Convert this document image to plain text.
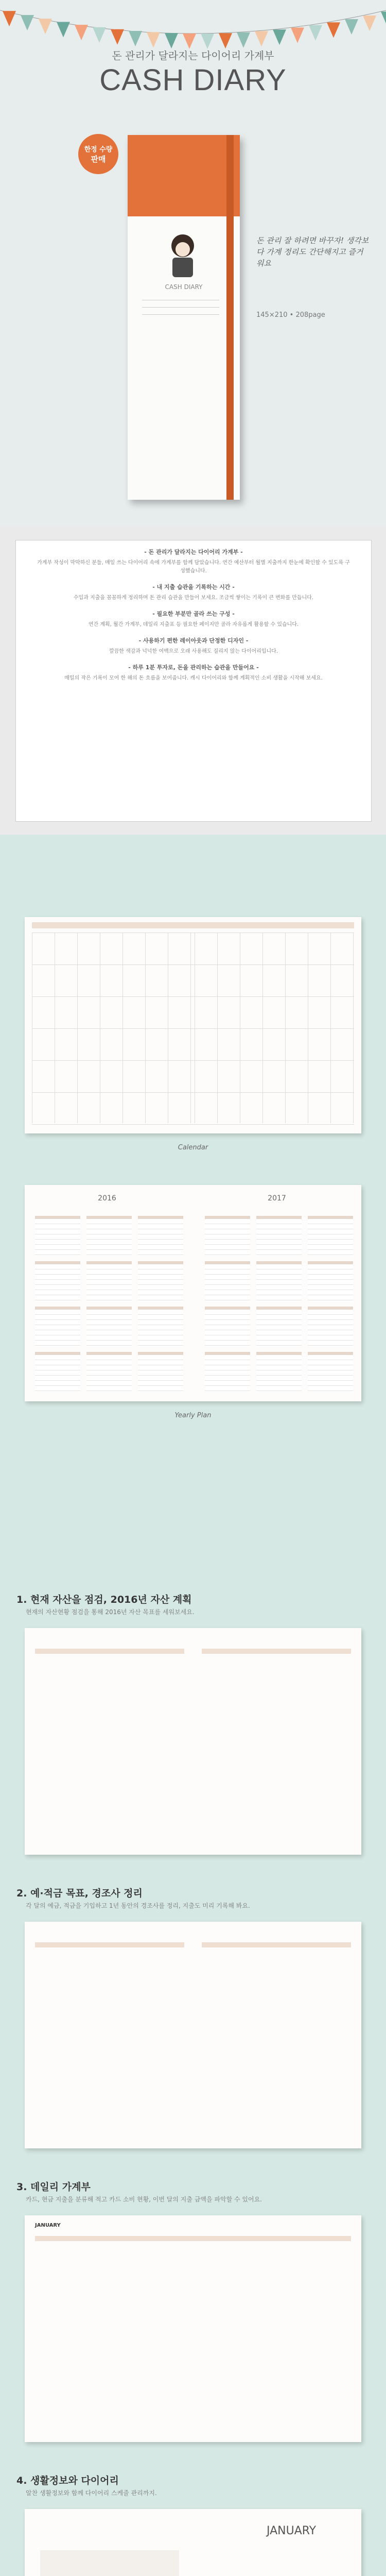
돈 관리가 달라지는 다이어리 가계부
CASH DIARY
CASH DIARY
한정 수량
판매
돈 관리 잘 하려면 바꾸자! 생각보다 가계 정리도 간단해지고 즐거워요
145×210 • 208page
- 돈 관리가 달라지는 다이어리 가계부 -
가계부 작성이 막막하신 분들, 매일 쓰는 다이어리 속에 가계부를 함께 담았습니다. 연간 예산부터 월별 지출까지 한눈에 확인할 수 있도록 구성했습니다.
- 내 지출 습관을 기록하는 시간 -
수입과 지출을 꼼꼼하게 정리하며 돈 관리 습관을 만들어 보세요. 조금씩 쌓이는 기록이 큰 변화를 만듭니다.
- 필요한 부분만 골라 쓰는 구성 -
연간 계획, 월간 가계부, 데일리 지출표 등 필요한 페이지만 골라 자유롭게 활용할 수 있습니다.
- 사용하기 편한 레이아웃과 단정한 디자인 -
깔끔한 색감과 넉넉한 여백으로 오래 사용해도 질리지 않는 다이어리입니다.
- 하루 1분 투자로, 돈을 관리하는 습관을 만들어요 -
매일의 작은 기록이 모여 한 해의 돈 흐름을 보여줍니다. 캐시 다이어리와 함께 계획적인 소비 생활을 시작해 보세요.
Calendar
2016	2017
Yearly Plan
1. 현재 자산을 점검, 2016년 자산 계획
현재의 자산현황 점검을 통해 2016년 자산 목표를 세워보세요.
2. 예·적금 목표, 경조사 정리
각 달의 예금, 적금을 기입하고 1년 동안의 경조사를 정리, 지출도 미리 기록해 봐요.
3. 데일리 가계부
카드, 현금 지출을 분류해 적고 카드 소비 현황, 이번 달의 지출 금액을 파악할 수 있어요.
JANUARY
4. 생활정보와 다이어리
알찬 생활정보와 함께 다이어리 스케줄 관리까지.
JANUARY
